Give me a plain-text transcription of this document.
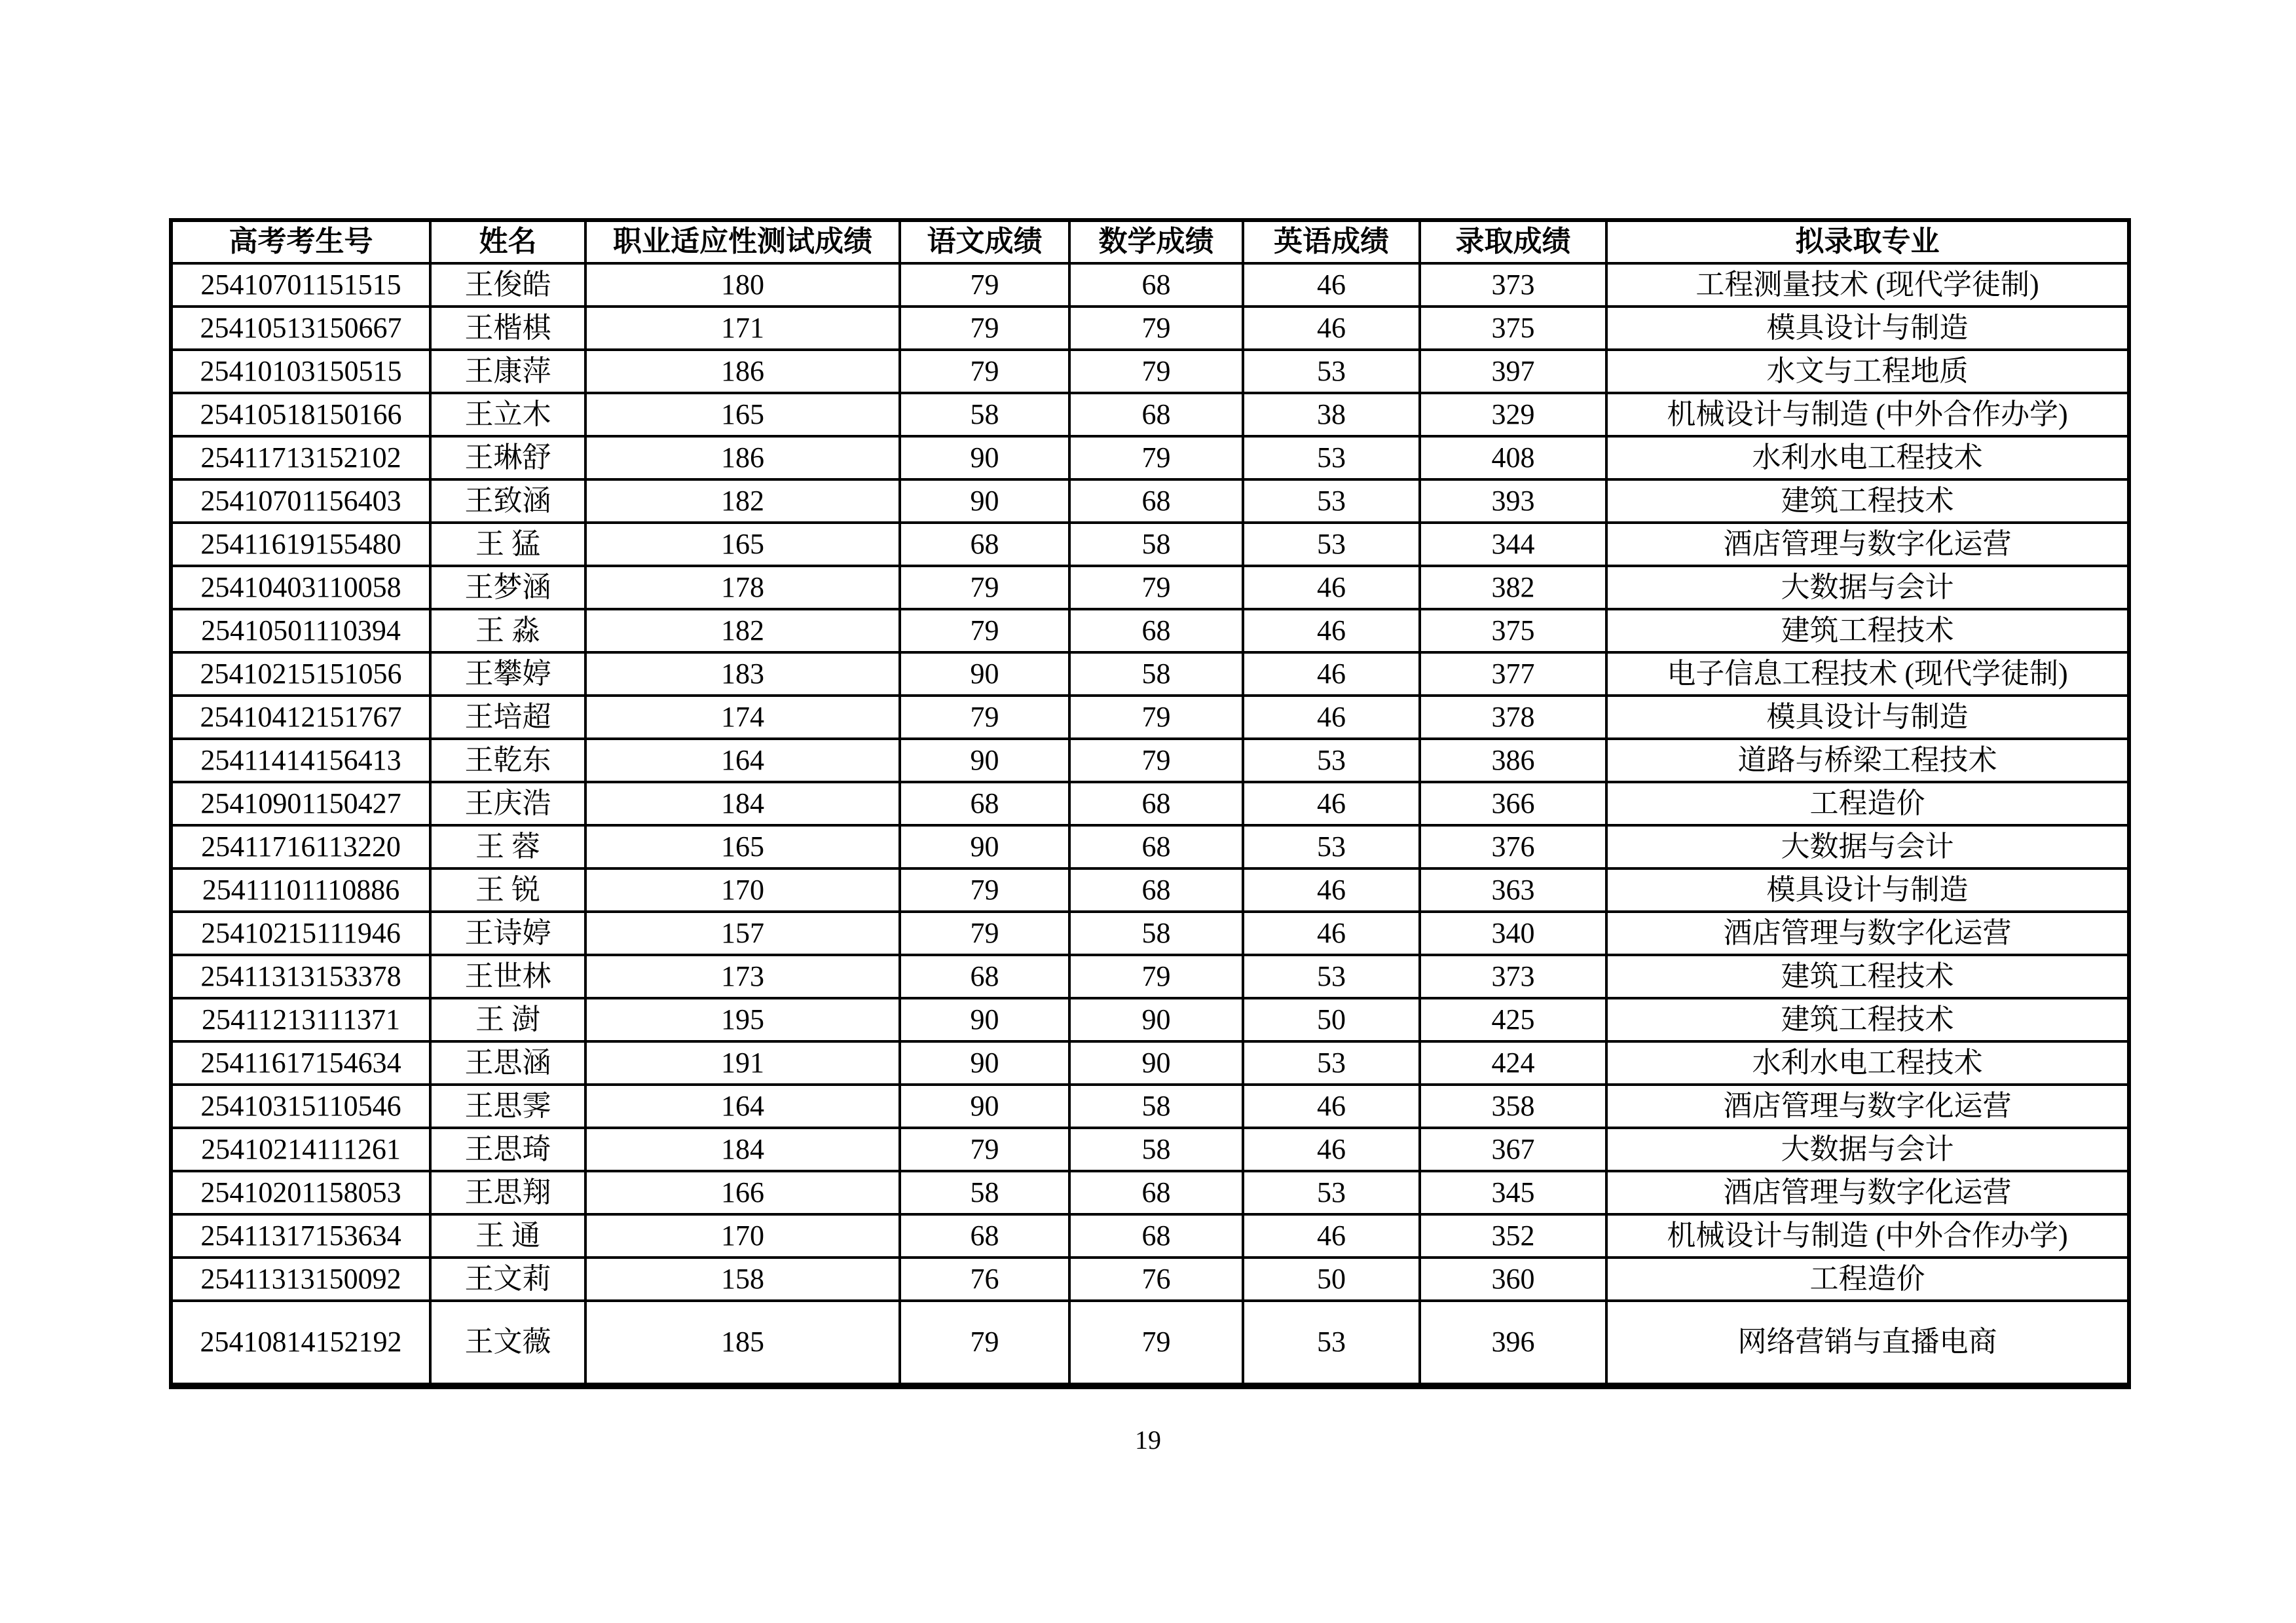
高考考生号	姓名	职业适应性测试成绩	语文成绩	数学成绩	英语成绩	录取成绩	拟录取专业
25410701151515	王俊皓	180	79	68	46	373	工程测量技术 (现代学徒制)
25410513150667	王楷棋	171	79	79	46	375	模具设计与制造
25410103150515	王康萍	186	79	79	53	397	水文与工程地质
25410518150166	王立木	165	58	68	38	329	机械设计与制造 (中外合作办学)
25411713152102	王琳舒	186	90	79	53	408	水利水电工程技术
25410701156403	王致涵	182	90	68	53	393	建筑工程技术
25411619155480	王 猛	165	68	58	53	344	酒店管理与数字化运营
25410403110058	王梦涵	178	79	79	46	382	大数据与会计
25410501110394	王 淼	182	79	68	46	375	建筑工程技术
25410215151056	王攀婷	183	90	58	46	377	电子信息工程技术 (现代学徒制)
25410412151767	王培超	174	79	79	46	378	模具设计与制造
25411414156413	王乾东	164	90	79	53	386	道路与桥梁工程技术
25410901150427	王庆浩	184	68	68	46	366	工程造价
25411716113220	王 蓉	165	90	68	53	376	大数据与会计
25411101110886	王 锐	170	79	68	46	363	模具设计与制造
25410215111946	王诗婷	157	79	58	46	340	酒店管理与数字化运营
25411313153378	王世林	173	68	79	53	373	建筑工程技术
25411213111371	王 澍	195	90	90	50	425	建筑工程技术
25411617154634	王思涵	191	90	90	53	424	水利水电工程技术
25410315110546	王思霁	164	90	58	46	358	酒店管理与数字化运营
25410214111261	王思琦	184	79	58	46	367	大数据与会计
25410201158053	王思翔	166	58	68	53	345	酒店管理与数字化运营
25411317153634	王 通	170	68	68	46	352	机械设计与制造 (中外合作办学)
25411313150092	王文莉	158	76	76	50	360	工程造价
25410814152192	王文薇	185	79	79	53	396	网络营销与直播电商
19
